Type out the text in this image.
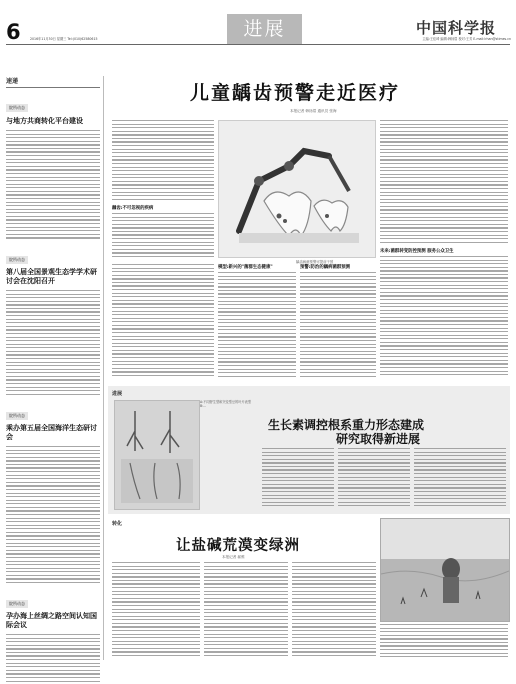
6	2016年11月30日 星期三 Tel:(010)62580615	进展	中国科学报
主编:王佳琦 编辑:韩扬眉 校对:王芳 E-mail:lrhan@stimes.cn
速递
院所动态
与地方共商转化平台建设
院所动态
第八届全国景观生态学学术研讨会在沈阳召开
院所动态
乘办第五届全国海洋生态研讨会
院所动态
孕办海上丝绸之路空间认知国际会议
儿童龋齿预警走近医疗
本报记者 韩扬眉 通讯员 张海
龋齿病菌预警可提前干预
龋齿:不可忽视的疾病
未来:菌群转变防控预测 服务公众卫生
模型:新兴的"菌群生态健康"	预警:防治的龋病菌群预测
进展
A:不同野生型和突变型豆的叶片表型 B:...
生长素调控根系重力形态建成
研究取得新进展
转化
让盐碱荒漠变绿洲
本报记者 郝维
